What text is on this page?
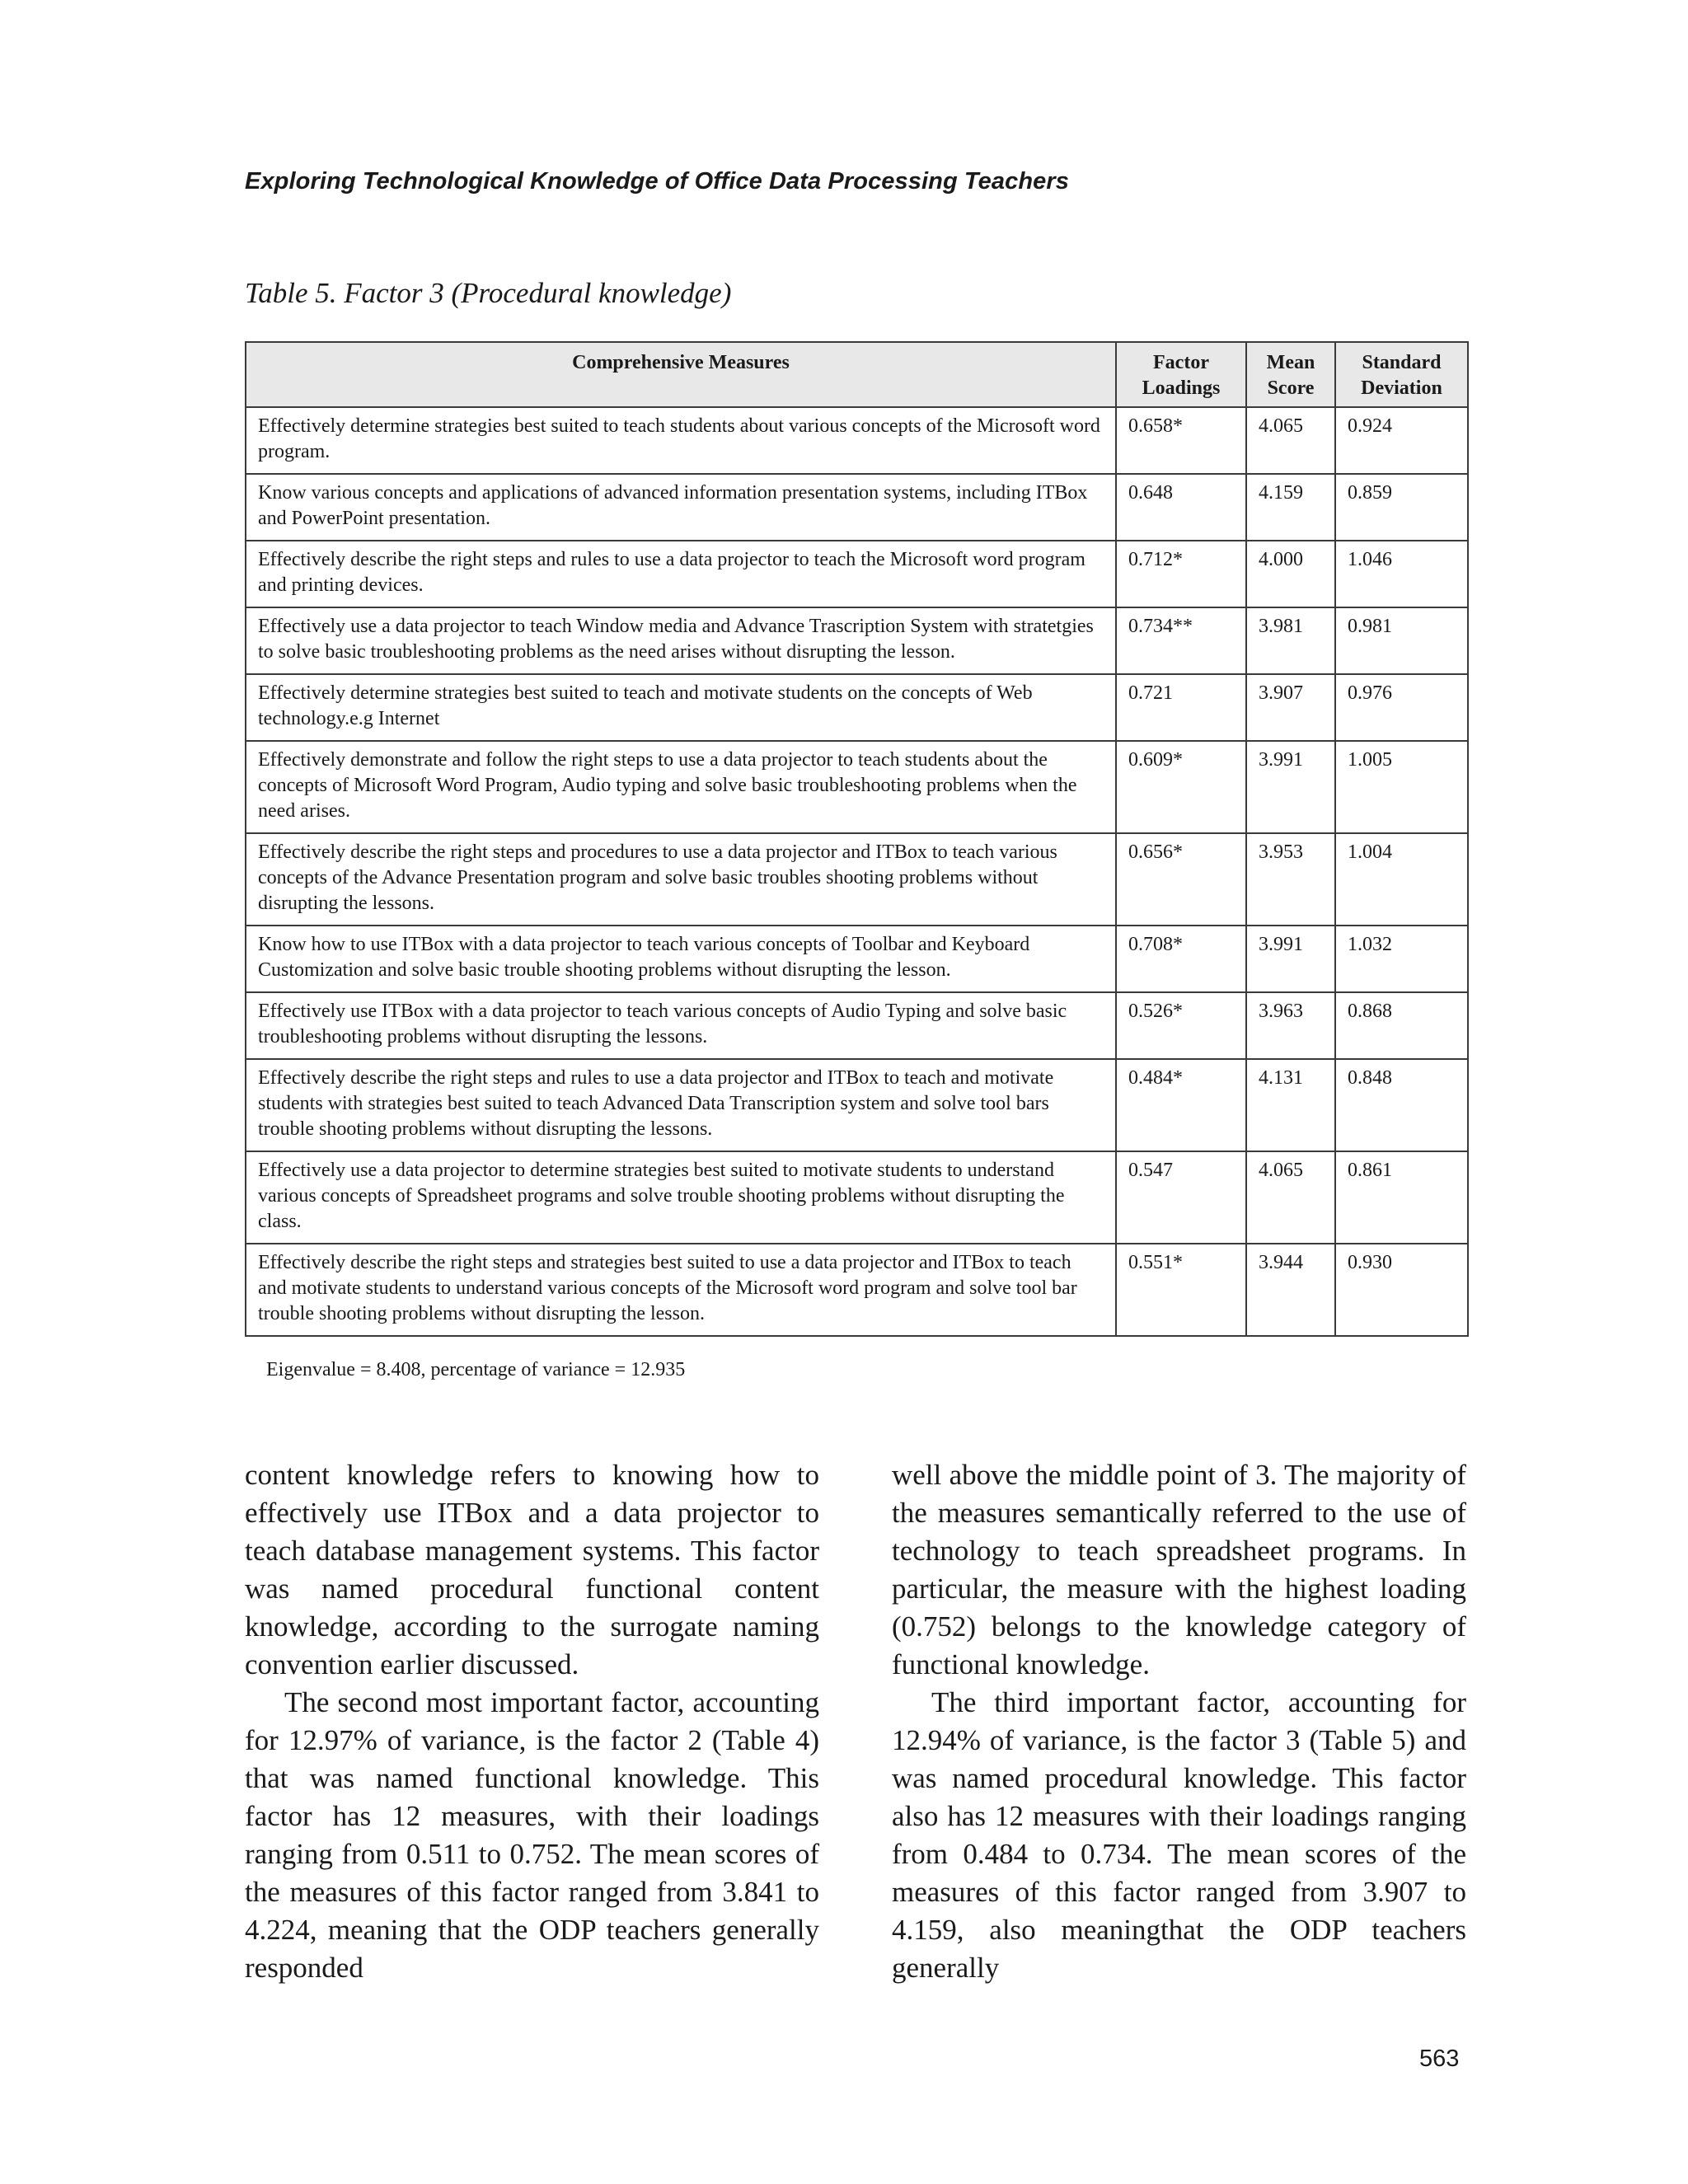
Exploring Technological Knowledge of Office Data Processing Teachers
Table 5. Factor 3 (Procedural knowledge)
Comprehensive Measures	Factor Loadings	Mean Score	Standard Deviation
Effectively determine strategies best suited to teach students about various concepts of the Microsoft word program.	0.658*	4.065	0.924
Know various concepts and applications of advanced information presentation systems, including ITBox and PowerPoint presentation.	0.648	4.159	0.859
Effectively describe the right steps and rules to use a data projector to teach the Microsoft word program and printing devices.	0.712*	4.000	1.046
Effectively use a data projector to teach Window media and Advance Trascription System with stratetgies to solve basic troubleshooting problems as the need arises without disrupting the lesson.	0.734**	3.981	0.981
Effectively determine strategies best suited to teach and motivate students on the concepts of Web technology.e.g Internet	0.721	3.907	0.976
Effectively demonstrate and follow the right steps to use a data projector to teach students about the concepts of Microsoft Word Program, Audio typing and solve basic troubleshooting problems when the need arises.	0.609*	3.991	1.005
Effectively describe the right steps and procedures to use a data projector and ITBox to teach various concepts of the Advance Presentation program and solve basic troubles shooting problems without disrupting the lessons.	0.656*	3.953	1.004
Know how to use ITBox with a data projector to teach various concepts of Toolbar and Keyboard Customization and solve basic trouble shooting problems without disrupting the lesson.	0.708*	3.991	1.032
Effectively use ITBox with a data projector to teach various concepts of Audio Typing and solve basic troubleshooting problems without disrupting the lessons.	0.526*	3.963	0.868
Effectively describe the right steps and rules to use a data projector and ITBox to teach and motivate students with strategies best suited to teach Advanced Data Transcription system and solve tool bars trouble shooting problems without disrupting the lessons.	0.484*	4.131	0.848
Effectively use a data projector to determine strategies best suited to motivate students to understand various concepts of Spreadsheet programs and solve trouble shooting problems without disrupting the class.	0.547	4.065	0.861
Effectively describe the right steps and strategies best suited to use a data projector and ITBox to teach and motivate students to understand various concepts of the Microsoft word program and solve tool bar trouble shooting problems without disrupting the lesson.	0.551*	3.944	0.930
Eigenvalue = 8.408, percentage of variance = 12.935

content knowledge refers to knowing how to effectively use ITBox and a data projector to teach database management systems. This factor was named procedural functional content knowledge, according to the surrogate naming convention earlier discussed.

The second most important factor, accounting for 12.97% of variance, is the factor 2 (Table 4) that was named functional knowledge. This factor has 12 measures, with their loadings ranging from 0.511 to 0.752. The mean scores of the measures of this factor ranged from 3.841 to 4.224, meaning that the ODP teachers generally responded

well above the middle point of 3. The majority of the measures semantically referred to the use of technology to teach spreadsheet programs. In particular, the measure with the highest loading (0.752) belongs to the knowledge category of functional knowledge.

The third important factor, accounting for 12.94% of variance, is the factor 3 (Table 5) and was named procedural knowledge. This factor also has 12 measures with their loadings ranging from 0.484 to 0.734. The mean scores of the measures of this factor ranged from 3.907 to 4.159, also meaningthat the ODP teachers generally

563
